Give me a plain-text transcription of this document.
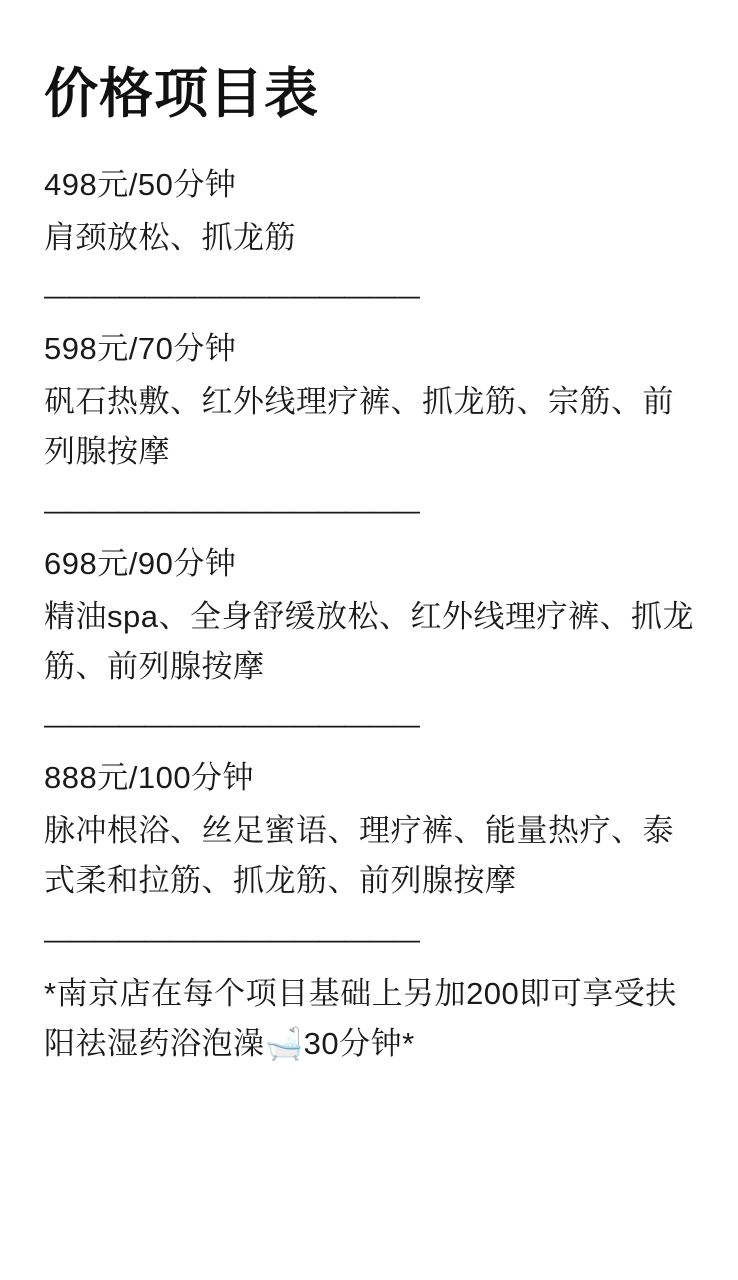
价格项目表

498元/50分钟

肩颈放松、抓龙筋

———————————————

598元/70分钟

矾石热敷、红外线理疗裤、抓龙筋、宗筋、前列腺按摩

———————————————

698元/90分钟

精油spa、全身舒缓放松、红外线理疗裤、抓龙筋、前列腺按摩

———————————————

888元/100分钟

脉冲根浴、丝足蜜语、理疗裤、能量热疗、泰式柔和拉筋、抓龙筋、前列腺按摩

———————————————

*南京店在每个项目基础上另加200即可享受扶阳祛湿药浴泡澡🛁30分钟*
